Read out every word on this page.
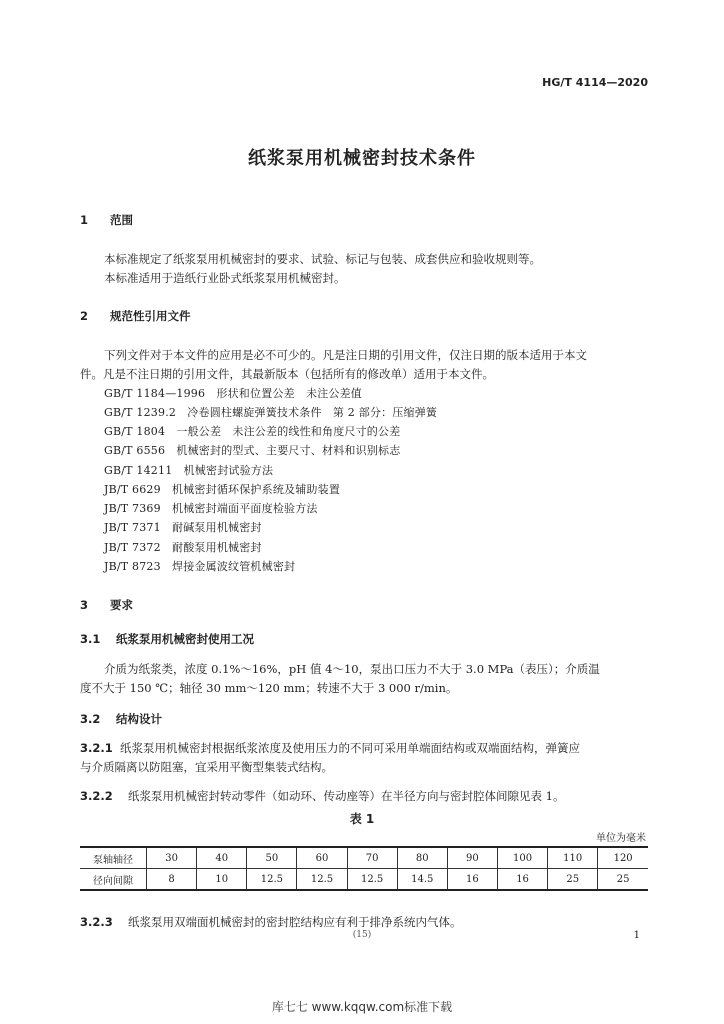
HG/T 4114—2020
纸浆泵用机械密封技术条件
1 范围
本标准规定了纸浆泵用机械密封的要求、试验、标记与包装、成套供应和验收规则等。
本标准适用于造纸行业卧式纸浆泵用机械密封。
2 规范性引用文件
下列文件对于本文件的应用是必不可少的。凡是注日期的引用文件，仅注日期的版本适用于本文
件。凡是不注日期的引用文件，其最新版本（包括所有的修改单）适用于本文件。
GB/T 1184—1996　形状和位置公差　未注公差值
GB/T 1239.2　冷卷圆柱螺旋弹簧技术条件　第 2 部分：压缩弹簧
GB/T 1804　一般公差　未注公差的线性和角度尺寸的公差
GB/T 6556　机械密封的型式、主要尺寸、材料和识别标志
GB/T 14211　机械密封试验方法
JB/T 6629　机械密封循环保护系统及辅助装置
JB/T 7369　机械密封端面平面度检验方法
JB/T 7371　耐碱泵用机械密封
JB/T 7372　耐酸泵用机械密封
JB/T 8723　焊接金属波纹管机械密封
3 要求
3.1 纸浆泵用机械密封使用工况
介质为纸浆类，浓度 0.1%～16%，pH 值 4～10，泵出口压力不大于 3.0 MPa（表压）；介质温
度不大于 150 ℃；轴径 30 mm～120 mm；转速不大于 3 000 r/min。
3.2 结构设计
3.2.1 纸浆泵用机械密封根据纸浆浓度及使用压力的不同可采用单端面结构或双端面结构，弹簧应
与介质隔离以防阻塞，宜采用平衡型集装式结构。
3.2.2 纸浆泵用机械密封转动零件（如动环、传动座等）在半径方向与密封腔体间隙见表 1。
表 1
单位为毫米
泵轴轴径	30	40	50	60	70	80	90	100	110	120
径向间隙	8	10	12.5	12.5	12.5	14.5	16	16	25	25
3.2.3 纸浆泵用双端面机械密封的密封腔结构应有利于排净系统内气体。
(15)	1
库七七 www.kqqw.com标准下载
